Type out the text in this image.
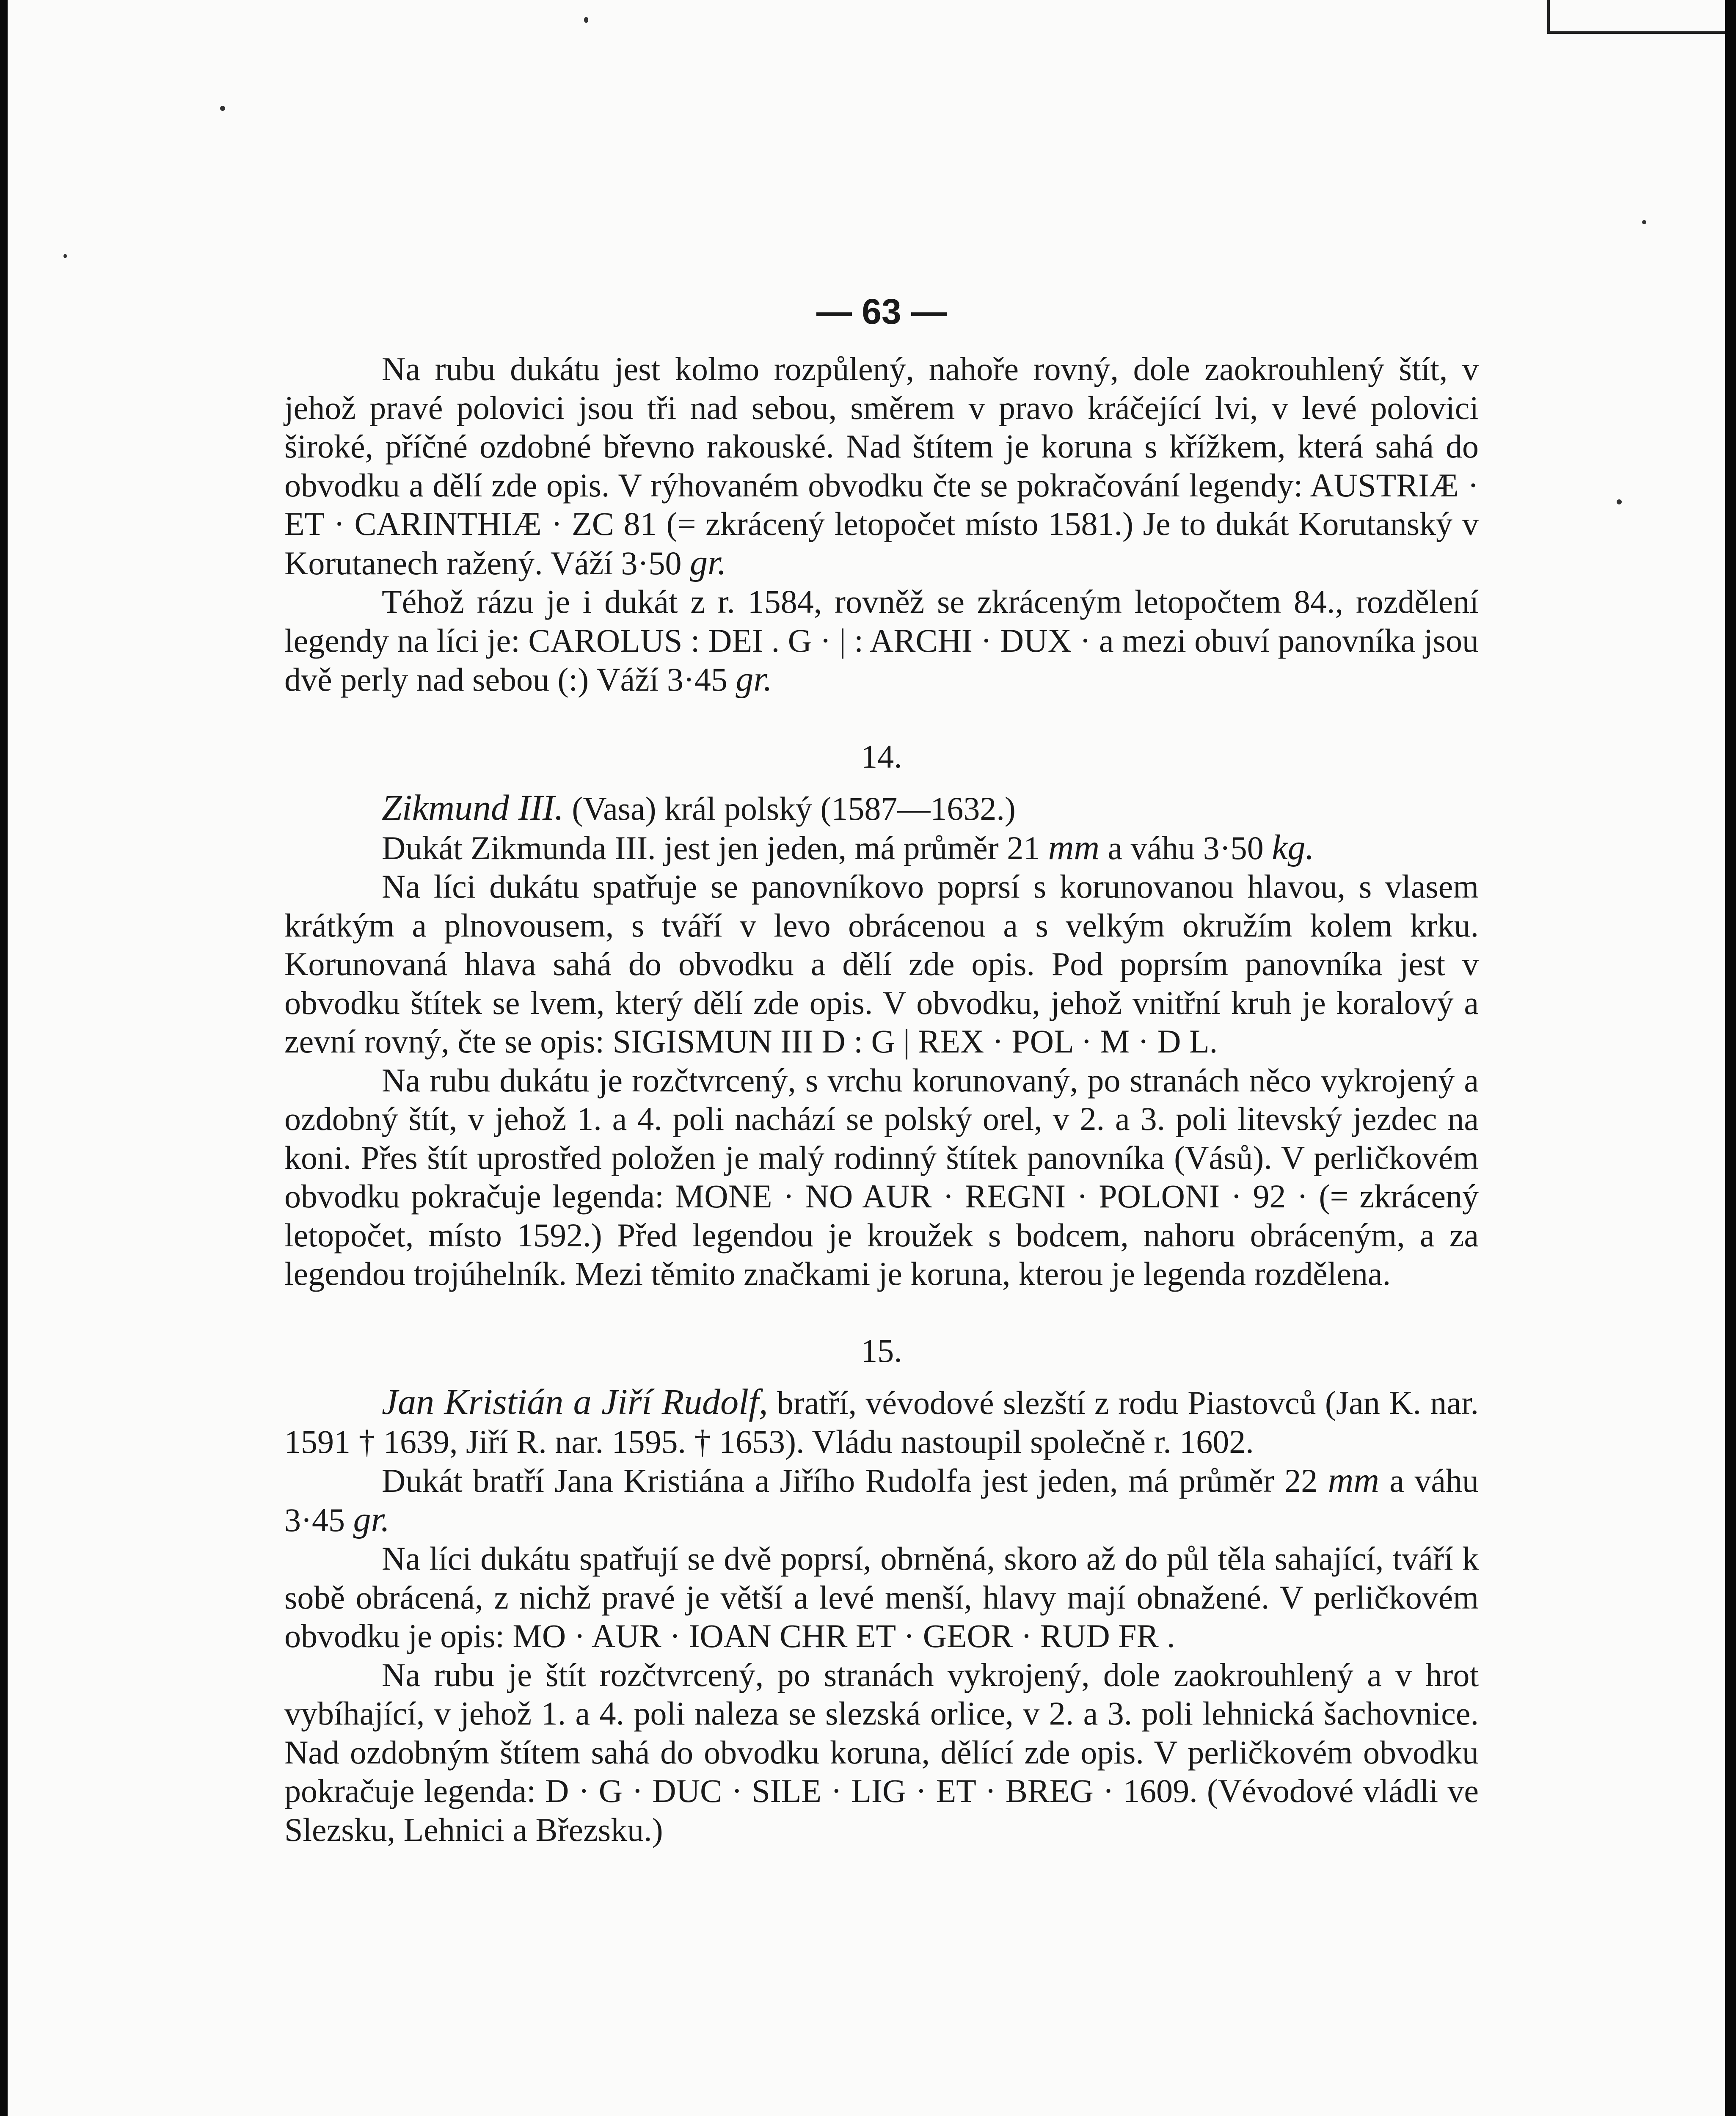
— 63 —

Na rubu dukátu jest kolmo rozpůlený, nahoře rovný, dole zaokrouhlený štít, v jehož pravé polovici jsou tři nad sebou, směrem v pravo kráčející lvi, v levé polovici široké, příčné ozdobné břevno rakouské. Nad štítem je koruna s křížkem, která sahá do obvodku a dělí zde opis. V rýhovaném obvodku čte se pokračování legendy: AUSTRIÆ · ET · CARINTHIÆ · ZC 81 (= zkrácený letopočet místo 1581.) Je to dukát Korutanský v Korutanech ražený. Váží 3·50 gr.

Téhož rázu je i dukát z r. 1584, rovněž se zkráceným letopočtem 84., rozdělení legendy na líci je: CAROLUS : DEI . G · | : ARCHI · DUX · a mezi obuví panovníka jsou dvě perly nad sebou (:) Váží 3·45 gr.

14.

Zikmund III. (Vasa) král polský (1587—1632.)

Dukát Zikmunda III. jest jen jeden, má průměr 21 mm a váhu 3·50 kg.

Na líci dukátu spatřuje se panovníkovo poprsí s korunovanou hlavou, s vlasem krátkým a plnovousem, s tváří v levo obrácenou a s velkým okružím kolem krku. Korunovaná hlava sahá do obvodku a dělí zde opis. Pod poprsím panovníka jest v obvodku štítek se lvem, který dělí zde opis. V obvodku, jehož vnitřní kruh je koralový a zevní rovný, čte se opis: SIGISMUN III D : G | REX · POL · M · D L.

Na rubu dukátu je rozčtvrcený, s vrchu korunovaný, po stranách něco vykrojený a ozdobný štít, v jehož 1. a 4. poli nachází se polský orel, v 2. a 3. poli litevský jezdec na koni. Přes štít uprostřed položen je malý rodinný štítek panovníka (Vásů). V perličkovém obvodku pokračuje legenda: MONE · NO AUR · REGNI · POLONI · 92 · (= zkrácený letopočet, místo 1592.) Před legendou je kroužek s bodcem, nahoru obráceným, a za legendou trojúhelník. Mezi těmito značkami je koruna, kterou je legenda rozdělena.

15.

Jan Kristián a Jiří Rudolf, bratří, vévodové slezští z rodu Piastovců (Jan K. nar. 1591 † 1639, Jiří R. nar. 1595. † 1653). Vládu nastoupil společně r. 1602.

Dukát bratří Jana Kristiána a Jiřího Rudolfa jest jeden, má průměr 22 mm a váhu 3·45 gr.

Na líci dukátu spatřují se dvě poprsí, obrněná, skoro až do půl těla sahající, tváří k sobě obrácená, z nichž pravé je větší a levé menší, hlavy mají obnažené. V perličkovém obvodku je opis: MO · AUR · IOAN CHR ET · GEOR · RUD FR .

Na rubu je štít rozčtvrcený, po stranách vykrojený, dole zaokrouhlený a v hrot vybíhající, v jehož 1. a 4. poli naleza se slezská orlice, v 2. a 3. poli lehnická šachovnice. Nad ozdobným štítem sahá do obvodku koruna, dělící zde opis. V perličkovém obvodku pokračuje legenda: D · G · DUC · SILE · LIG · ET · BREG · 1609. (Vévodové vládli ve Slezsku, Lehnici a Březsku.)
